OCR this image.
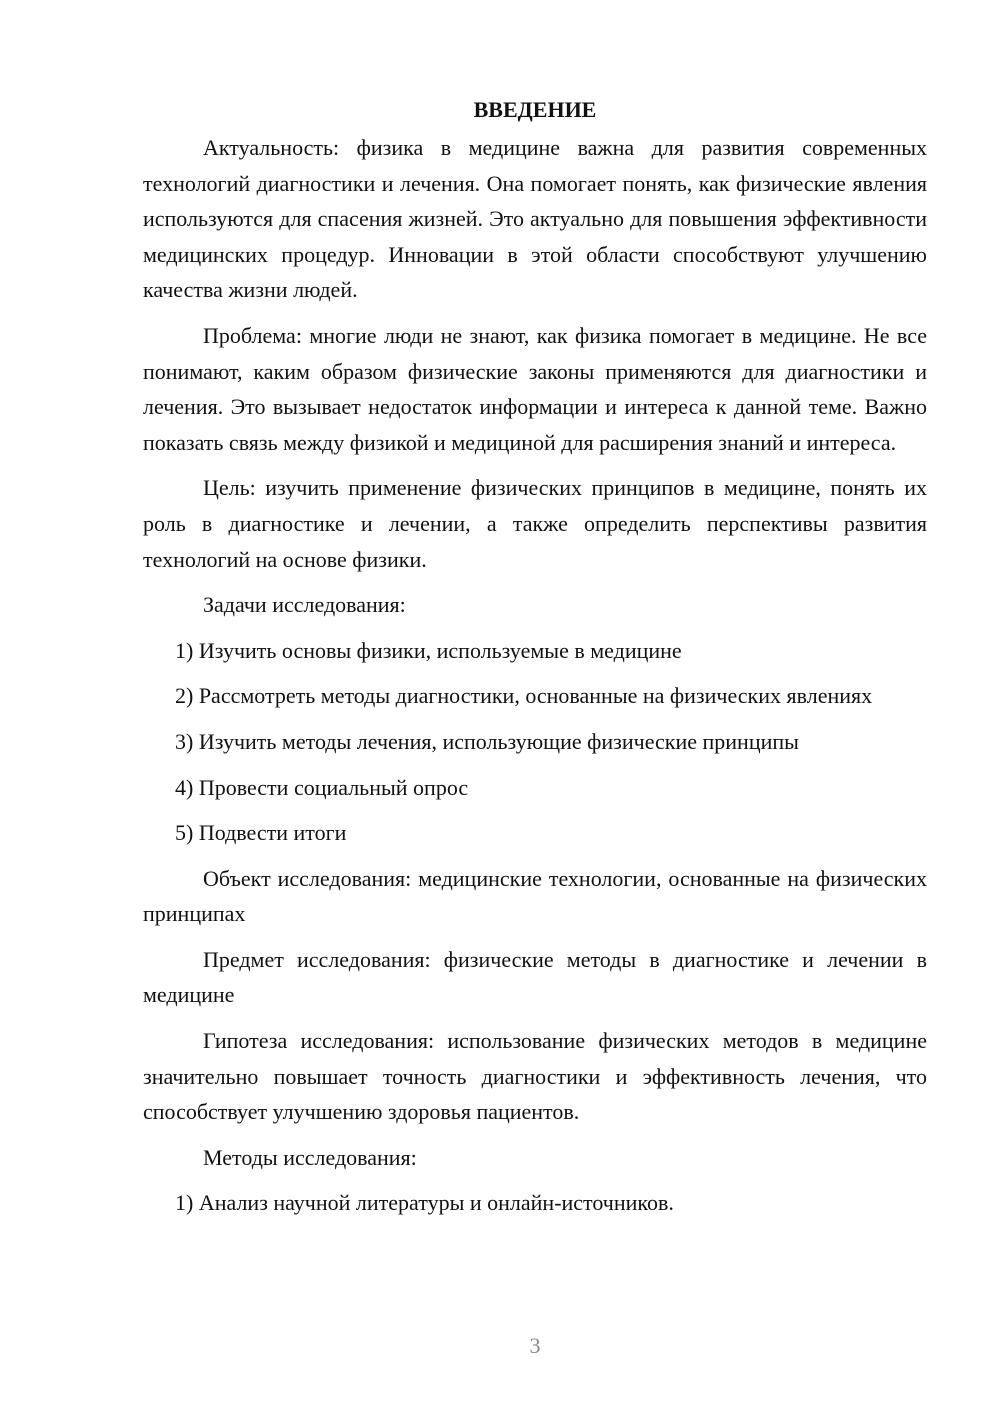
ВВЕДЕНИЕ

Актуальность: физика в медицине важна для развития современных технологий диагностики и лечения. Она помогает понять, как физические явления используются для спасения жизней. Это актуально для повышения эффективности медицинских процедур. Инновации в этой области способствуют улучшению качества жизни людей.

Проблема: многие люди не знают, как физика помогает в медицине. Не все понимают, каким образом физические законы применяются для диагностики и лечения. Это вызывает недостаток информации и интереса к данной теме. Важно показать связь между физикой и медициной для расширения знаний и интереса.

Цель: изучить применение физических принципов в медицине, понять их роль в диагностике и лечении, а также определить перспективы развития технологий на основе физики.

Задачи исследования:

1) Изучить основы физики, используемые в медицине

2) Рассмотреть методы диагностики, основанные на физических явлениях

3) Изучить методы лечения, использующие физические принципы

4) Провести социальный опрос

5) Подвести итоги

Объект исследования: медицинские технологии, основанные на физических принципах

Предмет исследования: физические методы в диагностике и лечении в медицине

Гипотеза исследования: использование физических методов в медицине значительно повышает точность диагностики и эффективность лечения, что способствует улучшению здоровья пациентов.

Методы исследования:

1) Анализ научной литературы и онлайн-источников.

3
